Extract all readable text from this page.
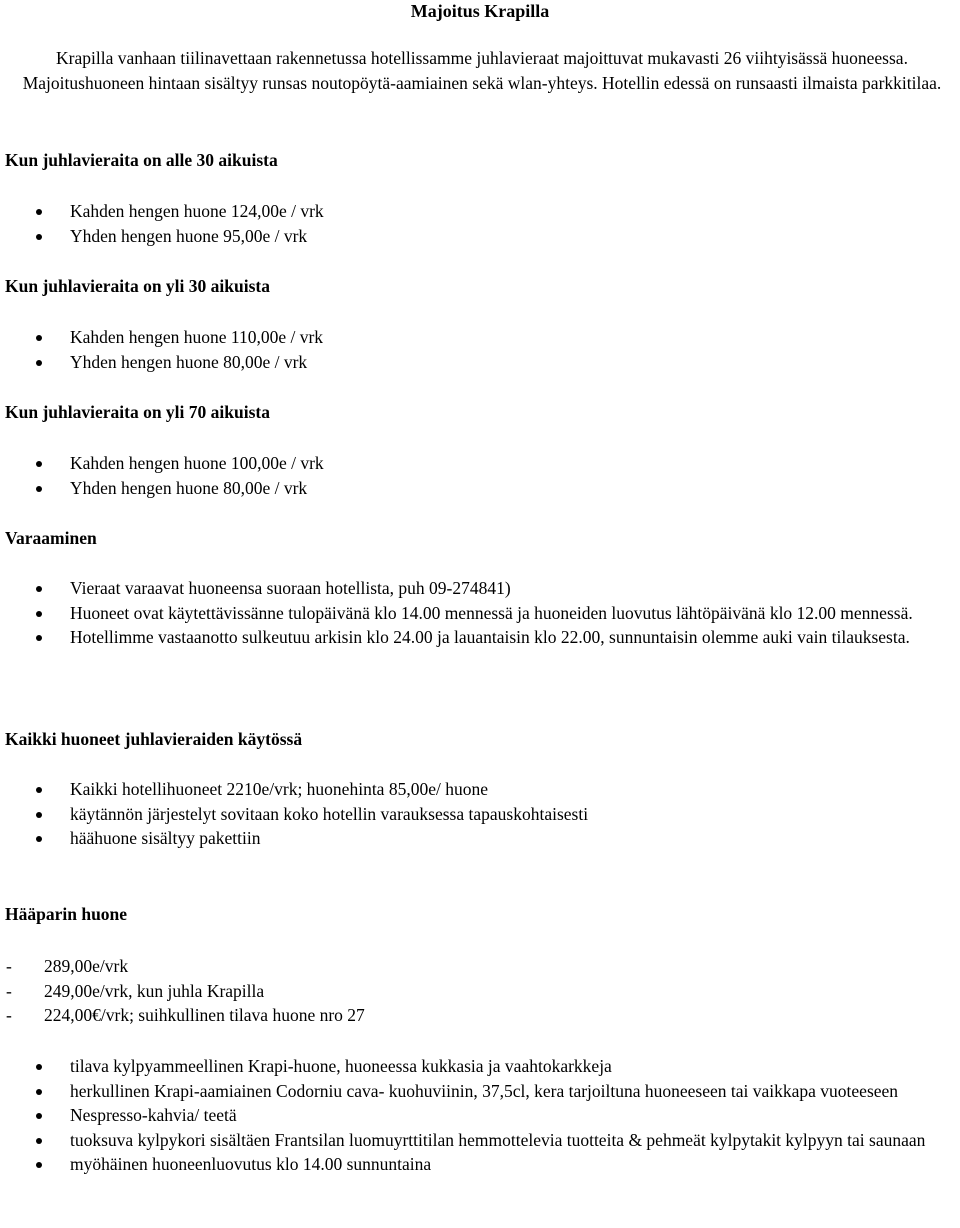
Majoitus Krapilla
Krapilla vanhaan tiilinavettaan rakennetussa hotellissamme juhlavieraat majoittuvat mukavasti 26 viihtyisässä huoneessa. Majoitushuoneen hintaan sisältyy runsas noutopöytä-aamiainen sekä wlan-yhteys. Hotellin edessä on runsaasti ilmaista parkkitilaa.
Kun juhlavieraita on alle 30 aikuista
Kahden hengen huone 124,00e / vrk
Yhden hengen huone 95,00e / vrk
Kun juhlavieraita on yli 30 aikuista
Kahden hengen huone 110,00e / vrk
Yhden hengen huone 80,00e / vrk
Kun juhlavieraita on yli 70 aikuista
Kahden hengen huone 100,00e / vrk
Yhden hengen huone 80,00e / vrk
Varaaminen
Vieraat varaavat huoneensa suoraan hotellista, puh 09-274841)
Huoneet ovat käytettävissänne tulopäivänä klo 14.00 mennessä ja huoneiden luovutus lähtöpäivänä klo 12.00 mennessä.
Hotellimme vastaanotto sulkeutuu arkisin klo 24.00 ja lauantaisin klo 22.00, sunnuntaisin olemme auki vain tilauksesta.
Kaikki huoneet juhlavieraiden käytössä
Kaikki hotellihuoneet 2210e/vrk; huonehinta 85,00e/ huone
käytännön järjestelyt sovitaan koko hotellin varauksessa tapauskohtaisesti
häähuone sisältyy pakettiin
Hääparin huone
- 289,00e/vrk
- 249,00e/vrk, kun juhla Krapilla
- 224,00€/vrk; suihkullinen tilava huone nro 27
tilava kylpyammeellinen Krapi-huone, huoneessa kukkasia ja vaahtokarkkeja
herkullinen Krapi-aamiainen Codorniu cava- kuohuviinin, 37,5cl, kera tarjoiltuna huoneeseen tai vaikkapa vuoteeseen
Nespresso-kahvia/ teetä
tuoksuva kylpykori sisältäen Frantsilan luomuyrttitilan hemmottelevia tuotteita & pehmeät kylpytakit kylpyyn tai saunaan
myöhäinen huoneenluovutus klo 14.00 sunnuntaina
